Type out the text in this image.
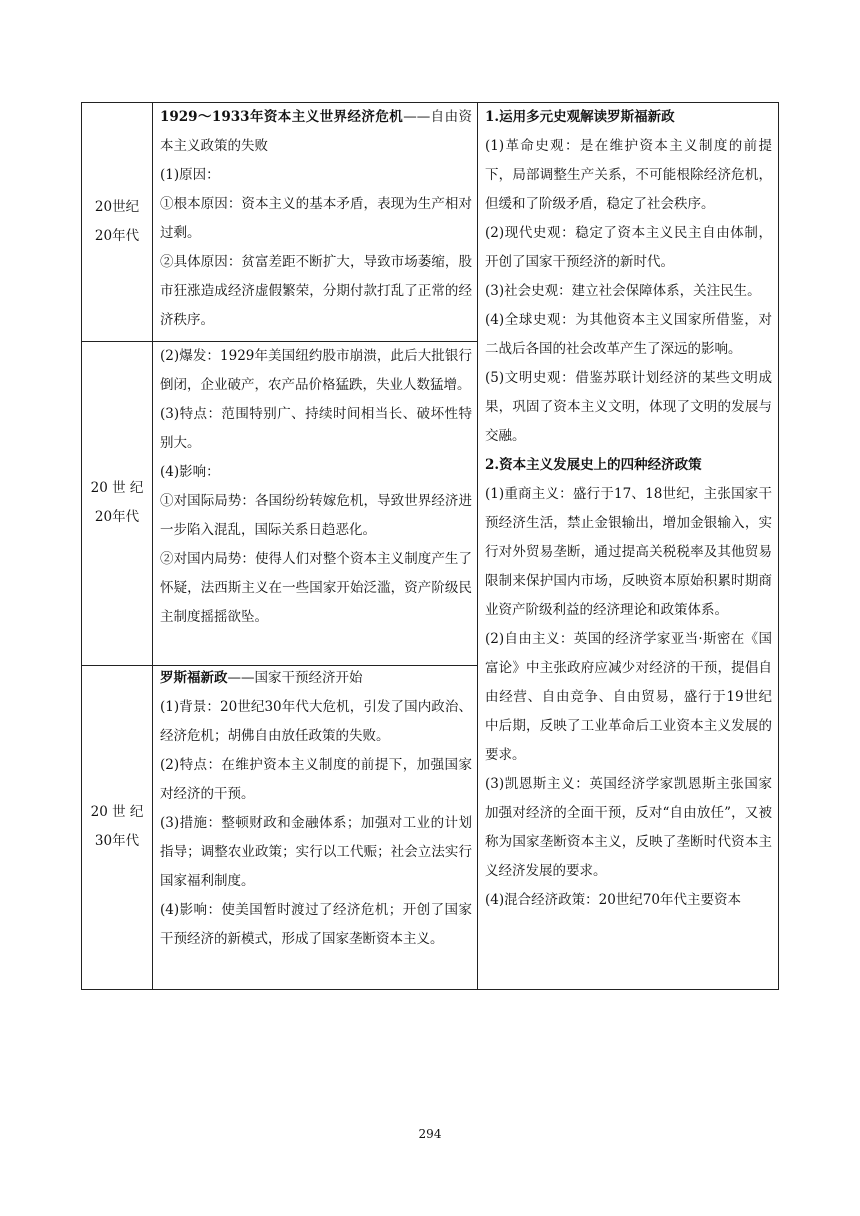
20世纪
20年代

1929～1933年资本主义世界经济危机——自由资本主义政策的失败

(1)原因：

①根本原因：资本主义的基本矛盾，表现为生产相对过剩。

②具体原因：贫富差距不断扩大，导致市场萎缩，股市狂涨造成经济虚假繁荣，分期付款打乱了正常的经济秩序。

20 世 纪
20年代

(2)爆发：1929年美国纽约股市崩溃，此后大批银行倒闭，企业破产，农产品价格猛跌，失业人数猛增。

(3)特点：范围特别广、持续时间相当长、破坏性特别大。

(4)影响：

①对国际局势：各国纷纷转嫁危机，导致世界经济进一步陷入混乱，国际关系日趋恶化。

②对国内局势：使得人们对整个资本主义制度产生了怀疑，法西斯主义在一些国家开始泛滥，资产阶级民主制度摇摇欲坠。

20 世 纪
30年代

罗斯福新政——国家干预经济开始

(1)背景：20世纪30年代大危机，引发了国内政治、经济危机；胡佛自由放任政策的失败。

(2)特点：在维护资本主义制度的前提下，加强国家对经济的干预。

(3)措施：整顿财政和金融体系；加强对工业的计划指导；调整农业政策；实行以工代赈；社会立法实行国家福利制度。

(4)影响：使美国暂时渡过了经济危机；开创了国家干预经济的新模式，形成了国家垄断资本主义。

1.运用多元史观解读罗斯福新政

(1)革命史观：是在维护资本主义制度的前提下，局部调整生产关系，不可能根除经济危机，但缓和了阶级矛盾，稳定了社会秩序。

(2)现代史观：稳定了资本主义民主自由体制，开创了国家干预经济的新时代。

(3)社会史观：建立社会保障体系，关注民生。

(4)全球史观：为其他资本主义国家所借鉴，对二战后各国的社会改革产生了深远的影响。

(5)文明史观：借鉴苏联计划经济的某些文明成果，巩固了资本主义文明，体现了文明的发展与交融。

2.资本主义发展史上的四种经济政策

(1)重商主义：盛行于17、18世纪，主张国家干预经济生活，禁止金银输出，增加金银输入，实行对外贸易垄断，通过提高关税税率及其他贸易限制来保护国内市场，反映资本原始积累时期商业资产阶级利益的经济理论和政策体系。

(2)自由主义：英国的经济学家亚当·斯密在《国富论》中主张政府应减少对经济的干预，提倡自由经营、自由竞争、自由贸易，盛行于19世纪中后期，反映了工业革命后工业资本主义发展的要求。

(3)凯恩斯主义：英国经济学家凯恩斯主张国家加强对经济的全面干预，反对“自由放任”，又被称为国家垄断资本主义，反映了垄断时代资本主义经济发展的要求。

(4)混合经济政策：20世纪70年代主要资本

294
